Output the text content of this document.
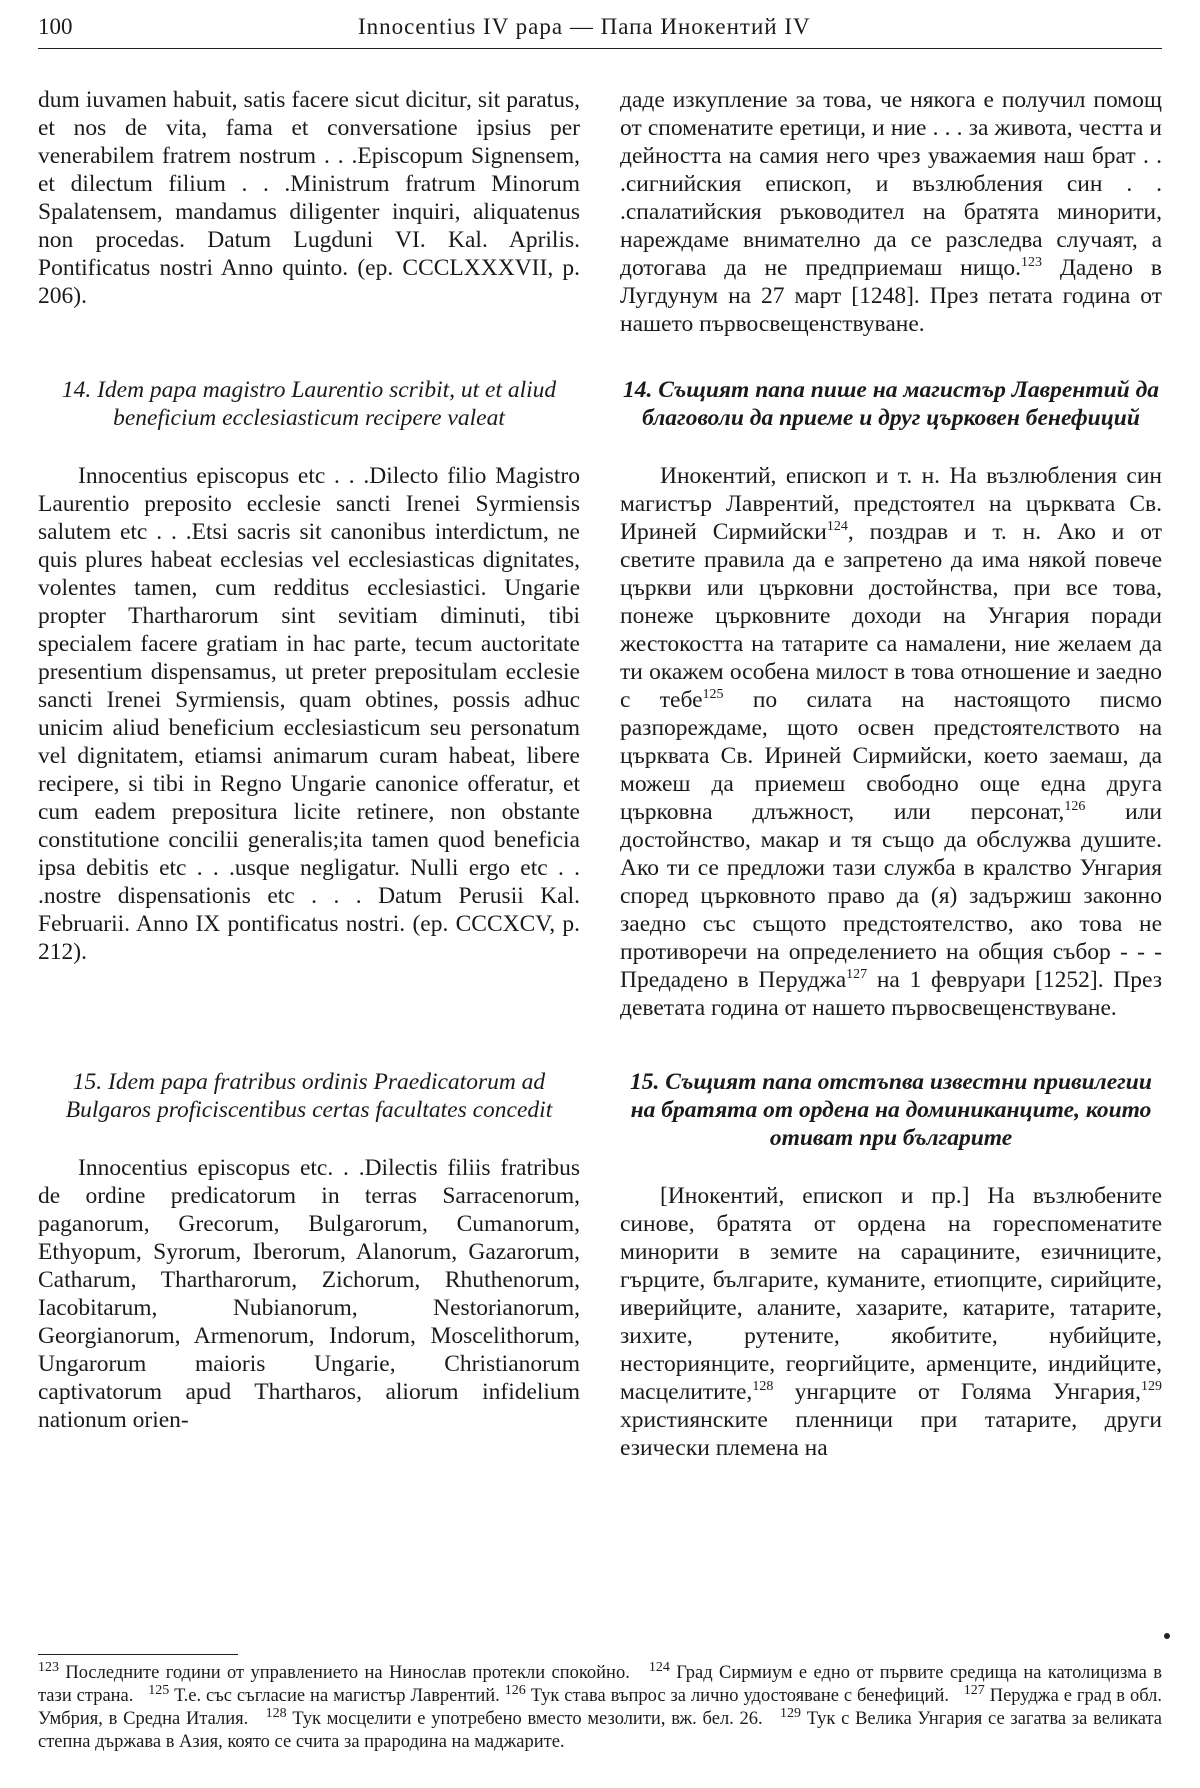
100	Innocentius IV papa — Папа Инокентий IV

dum iuvamen habuit, satis facere sicut dicitur, sit paratus, et nos de vita, fama et conversatione ipsius per venerabilem fratrem nostrum . . .Episcopum Signensem, et dilectum filium . . .Ministrum fratrum Minorum Spalatensem, mandamus diligenter inquiri, aliquatenus non procedas. Datum Lugduni VI. Kal. Aprilis. Pontificatus nostri Anno quinto. (ep. CCCLXXXVII, p. 206).

14. Idem papa magistro Laurentio scribit, ut et aliud beneficium ecclesiasticum recipere valeat

Innocentius episcopus etc . . .Dilecto filio Magistro Laurentio preposito ecclesie sancti Irenei Syrmiensis salutem etc . . .Etsi sacris sit canonibus interdictum, ne quis plures habeat ecclesias vel ecclesiasticas dignitates, volentes tamen, cum redditus ecclesiastici. Ungarie propter Thartharorum sint sevitiam diminuti, tibi specialem facere gratiam in hac parte, tecum auctoritate presentium dispensamus, ut preter prepositulam ecclesie sancti Irenei Syrmiensis, quam obtines, possis adhuc unicim aliud beneficium ecclesiasticum seu personatum vel dignitatem, etiamsi animarum curam habeat, libere recipere, si tibi in Regno Ungarie canonice offeratur, et cum eadem prepositura licite retinere, non obstante constitutione concilii generalis;ita tamen quod beneficia ipsa debitis etc . . .usque negligatur. Nulli ergo etc . . .nostre dispensationis etc . . . Datum Perusii Kal. Februarii. Anno IX pontificatus nostri. (ep. CCCXCV, p. 212).

15. Idem papa fratribus ordinis Praedicatorum ad Bulgaros proficiscentibus certas facultates concedit

Innocentius episcopus etc. . .Dilectis filiis fratribus de ordine predicatorum in terras Sarracenorum, paganorum, Grecorum, Bulgarorum, Cumanorum, Ethyopum, Syrorum, Iberorum, Alanorum, Gazarorum, Catharum, Thartharorum, Zichorum, Rhuthenorum, Iacobitarum, Nubianorum, Nestorianorum, Georgianorum, Armenorum, Indorum, Moscelithorum, Ungarorum maioris Ungarie, Christianorum captivatorum apud Thartharos, aliorum infidelium nationum orien-

даде изкупление за това, че някога е получил помощ от споменатите еретици, и ние . . . за живота, честта и дейността на самия него чрез уважаемия наш брат . . .сигнийския епископ, и възлюбления син . . .спалатийския ръководител на братята минорити, нареждаме внимателно да се разследва случаят, а дотогава да не предприемаш нищо.$^{123}$ Дадено в Лугдунум на 27 март [1248]. През петата година от нашето първосвещенствуване.

14. Същият папа пише на магистър Лаврентий да благоволи да приеме и друг църковен бенефиций

Инокентий, епископ и т. н. На възлюбления син магистър Лаврентий, предстоятел на църквата Св. Ириней Сирмийски$^{124}$, поздрав и т. н. Ако и от светите правила да е запретено да има някой повече църкви или църковни достойнства, при все това, понеже църковните доходи на Унгария поради жестокостта на татарите са намалени, ние желаем да ти окажем особена милост в това отношение и заедно с тебе$^{125}$ по силата на настоящото писмо разпореждаме, щото освен предстоятелството на църквата Св. Ириней Сирмийски, което заемаш, да можеш да приемеш свободно още една друга църковна длъжност, или персонат,$^{126}$ или достойнство, макар и тя също да обслужва душите. Ако ти се предложи тази служба в кралство Унгария според църковното право да (я) задържиш законно заедно със същото предстоятелство, ако това не противоречи на определението на общия събор - - - Предадено в Перуджа$^{127}$ на 1 февруари [1252]. През деветата година от нашето първосвещенствуване.

15. Същият папа отстъпва известни привилегии на братята от ордена на доминиканците, които отиват при българите

[Инокентий, епископ и пр.] На възлюбените синове, братята от ордена на гореспоменатите минорити в земите на сарацините, езичниците, гърците, българите, куманите, етиопците, сирийците, иверийците, аланите, хазарите, катарите, татарите, зихите, рутените, якобитите, нубийците, несториянците, георгийците, арменците, индийците, масцелитите,$^{128}$ унгарците от Голяма Унгария,$^{129}$ християнските пленници при татарите, други езически племена на

$^{123}$ Последните години от управлението на Нинослав протекли спокойно. $^{124}$ Град Сирмиум е едно от първите средища на католицизма в тази страна. $^{125}$ Т.е. със съгласие на магистър Лаврентий. $^{126}$ Тук става въпрос за лично удостояване с бенефиций. $^{127}$ Перуджа е град в обл. Умбрия, в Средна Италия. $^{128}$ Тук мосцелити е употребено вместо мезолити, вж. бел. 26. $^{129}$ Тук с Велика Унгария се загатва за великата степна държава в Азия, която се счита за прародина на маджарите.
